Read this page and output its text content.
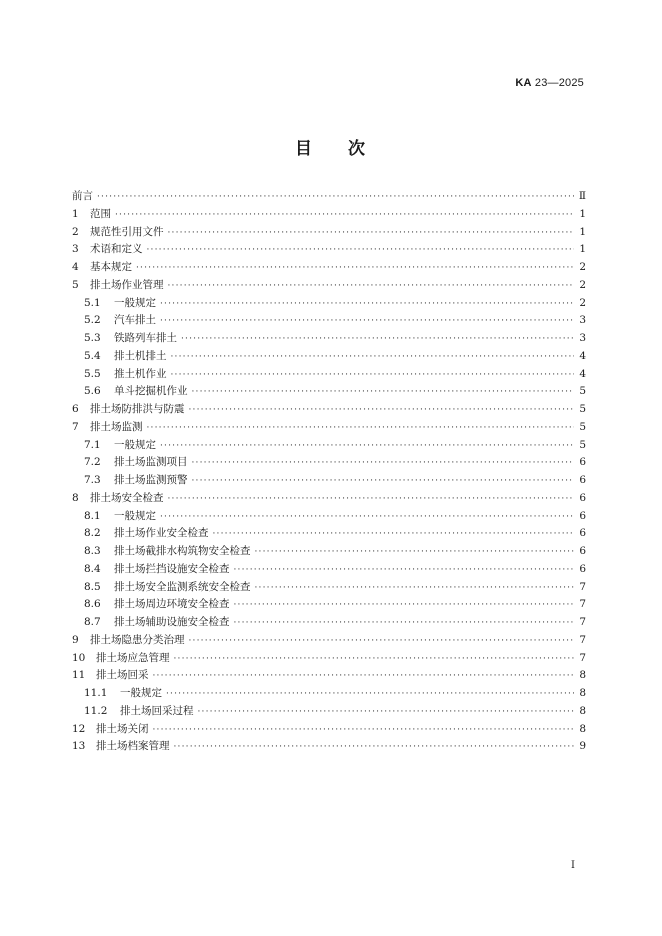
KA 23—2025
目 次
前言 ·····	Ⅱ
1	范围 ·····	1
2	规范性引用文件 ·····	1
3	术语和定义 ·····	1
4	基本规定 ·····	2
5	排土场作业管理 ·····	2
5.1	一般规定 ·····	2
5.2	汽车排土 ·····	3
5.3	铁路列车排土 ·····	3
5.4	排土机排土 ·····	4
5.5	推土机作业 ·····	4
5.6	单斗挖掘机作业 ·····	5
6	排土场防排洪与防震 ·····	5
7	排土场监测 ·····	5
7.1	一般规定 ·····	5
7.2	排土场监测项目 ·····	6
7.3	排土场监测预警 ·····	6
8	排土场安全检查 ·····	6
8.1	一般规定 ·····	6
8.2	排土场作业安全检查 ·····	6
8.3	排土场截排水构筑物安全检查 ·····	6
8.4	排土场拦挡设施安全检查 ·····	6
8.5	排土场安全监测系统安全检查 ·····	7
8.6	排土场周边环境安全检查 ·····	7
8.7	排土场辅助设施安全检查 ·····	7
9	排土场隐患分类治理 ·····	7
10	排土场应急管理 ·····	7
11	排土场回采 ·····	8
11.1	一般规定 ·····	8
11.2	排土场回采过程 ·····	8
12	排土场关闭 ·····	8
13	排土场档案管理 ·····	9
I
